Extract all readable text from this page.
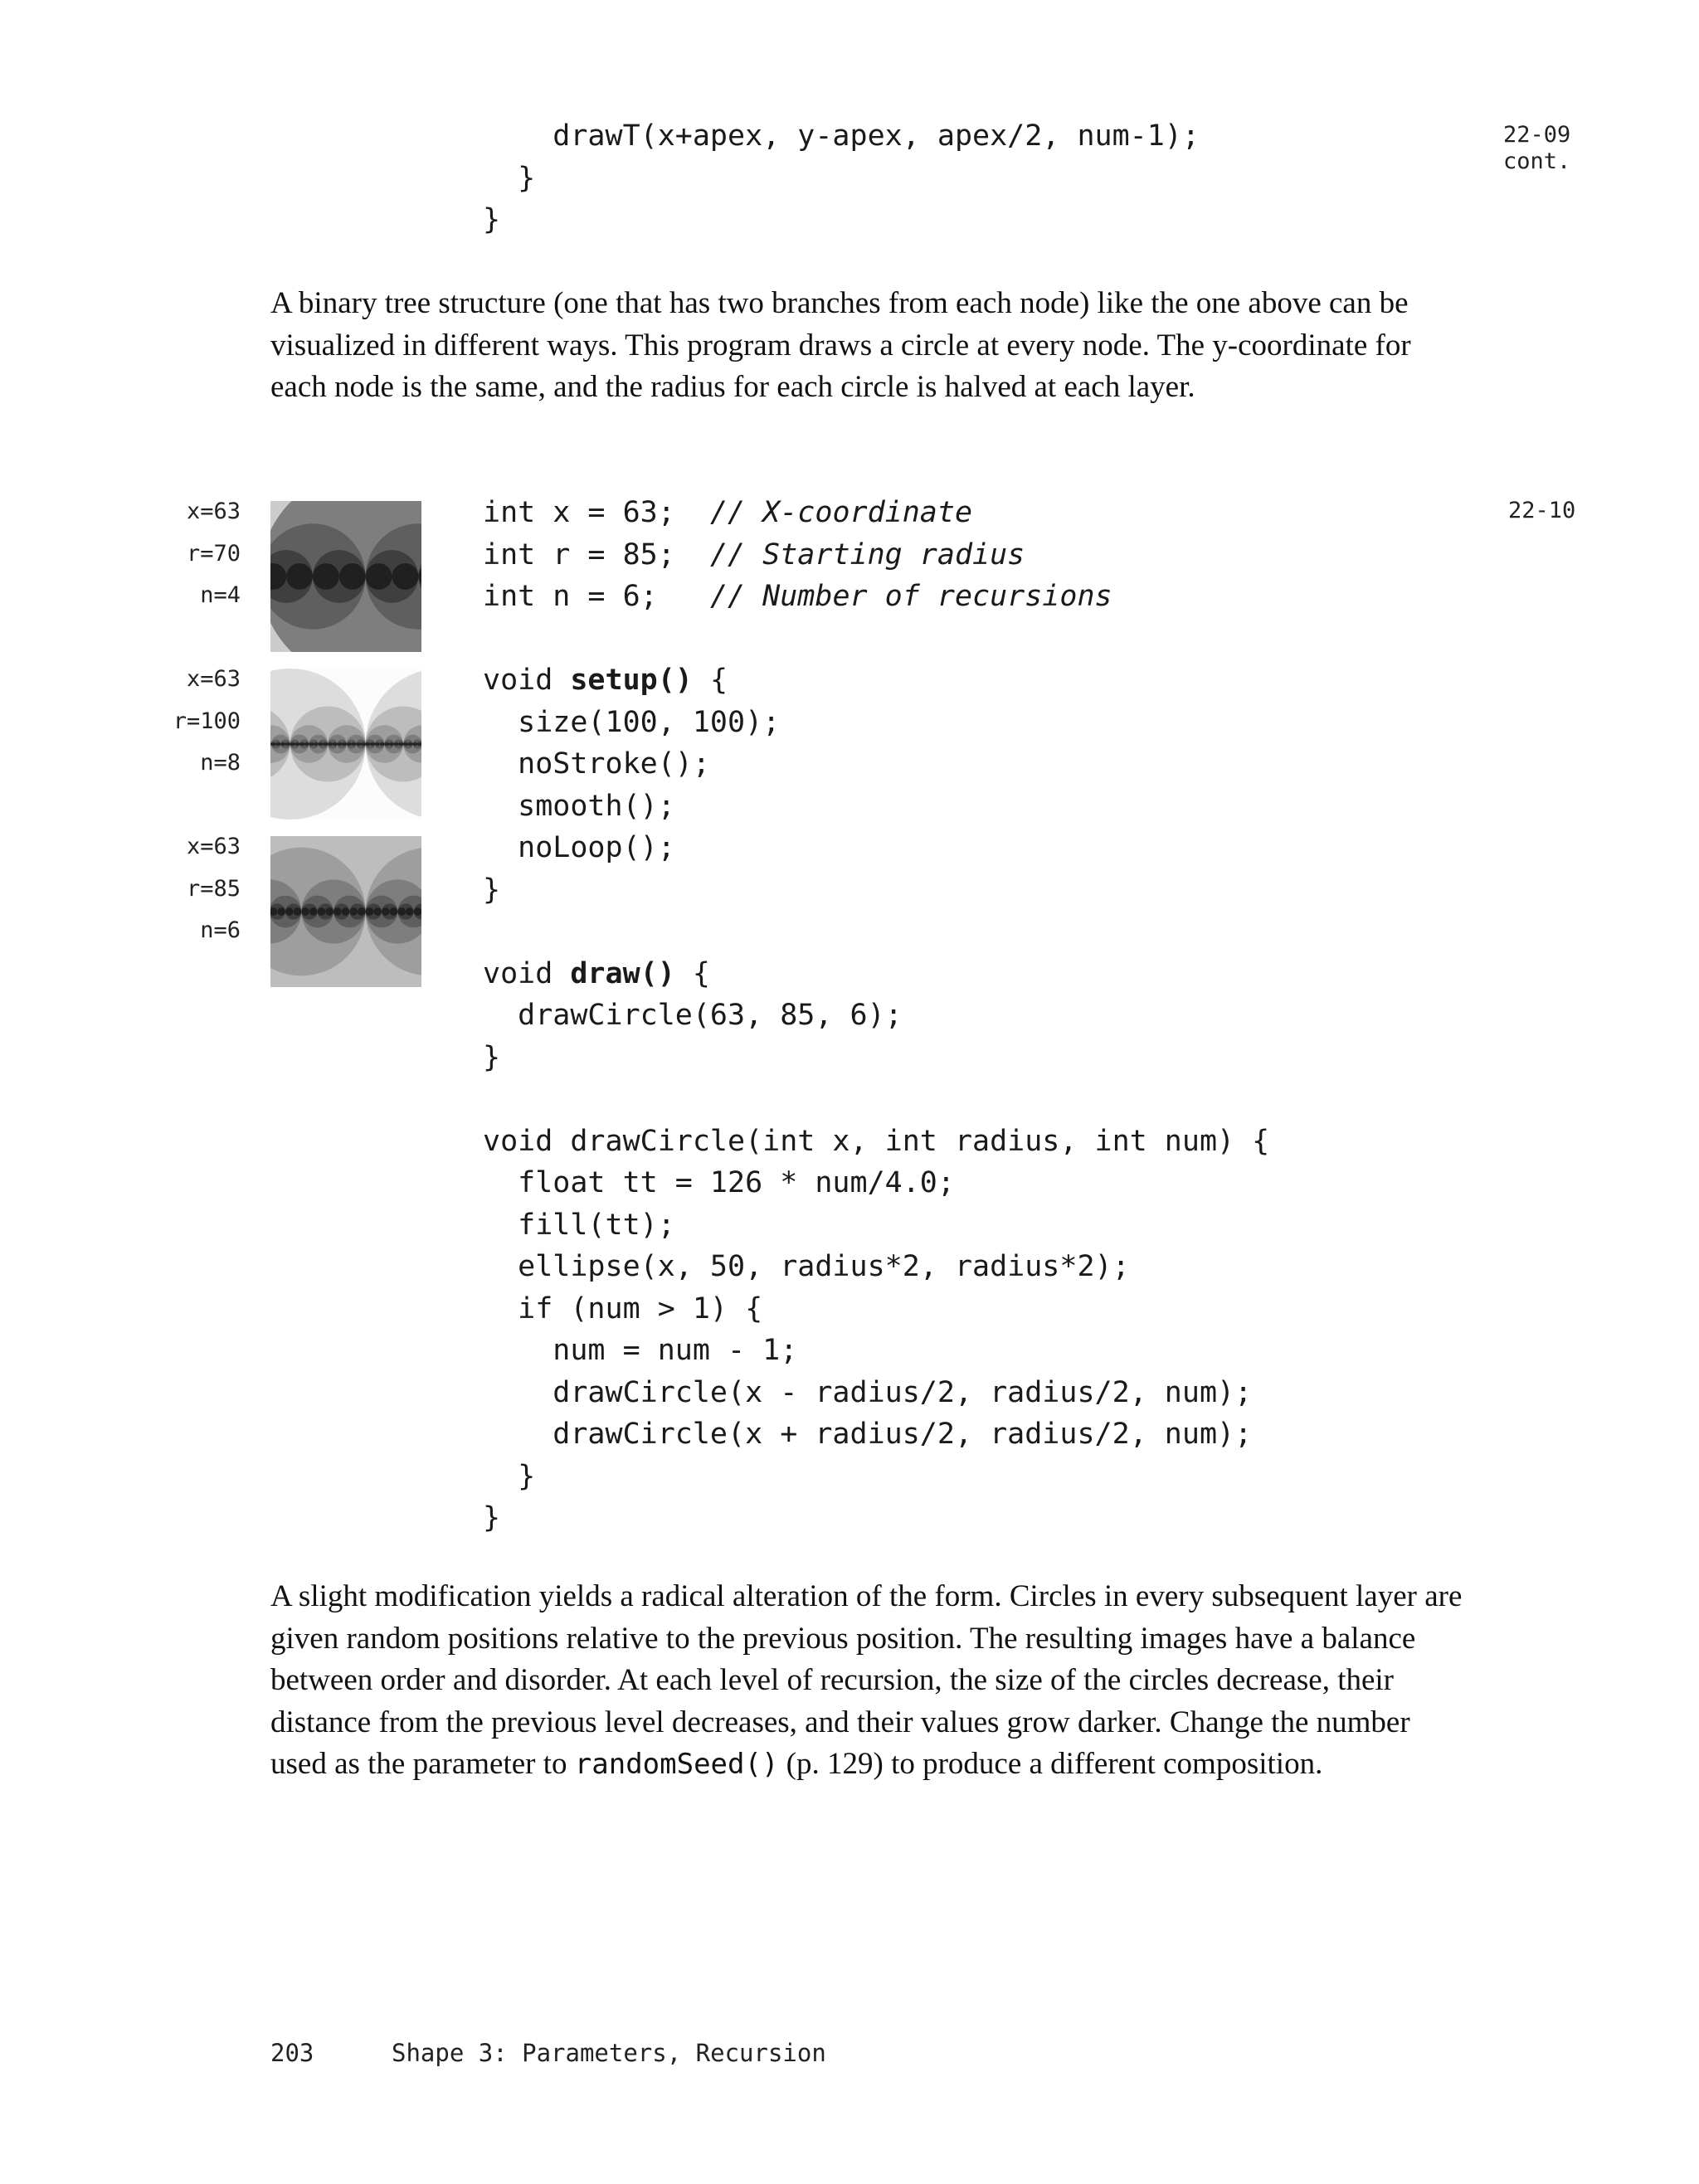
drawT(x+apex, y-apex, apex/2, num-1);
}
}
22-09
cont.

A binary tree structure (one that has two branches from each node) like the one above can be visualized in different ways. This program draws a circle at every node. The y-coordinate for each node is the same, and the radius for each circle is halved at each layer.

22-10
x=63
r=70
n=4
x=63
r=100
n=8
x=63
r=85
n=6
int x = 63;  // X-coordinate
int r = 85;  // Starting radius
int n = 6;   // Number of recursions

void setup() {
size(100, 100);
noStroke();
smooth();
noLoop();
}

void draw() {
drawCircle(63, 85, 6);
}

void drawCircle(int x, int radius, int num) {
float tt = 126 * num/4.0;
fill(tt);
ellipse(x, 50, radius*2, radius*2);
if (num > 1) {
num = num - 1;
drawCircle(x - radius/2, radius/2, num);
drawCircle(x + radius/2, radius/2, num);
}
}

A slight modification yields a radical alteration of the form. Circles in every subsequent layer are given random positions relative to the previous position. The resulting images have a balance between order and disorder. At each level of recursion, the size of the circles decrease, their distance from the previous level decreases, and their values grow darker. Change the number used as the parameter to randomSeed() (p. 129) to produce a different composition.

203	Shape 3: Parameters, Recursion
